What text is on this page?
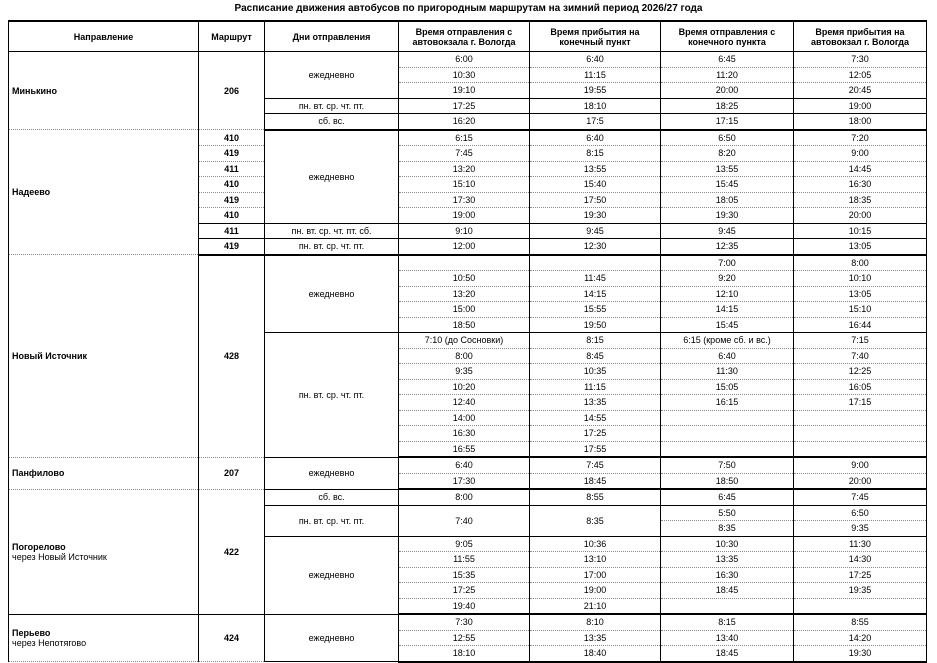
Расписание движения автобусов по пригородным маршрутам на зимний период 2026/27 года
Направление	Маршрут	Дни отправления	Время отправления с автовокзала г. Вологда	Время прибытия на конечный пункт	Время отправления с конечного пункта	Время прибытия на автовокзал г. Вологда
Минькино	206	ежедневно	6:00	6:40	6:45	7:30
			10:30	11:15	11:20	12:05
			19:10	19:55	20:00	20:45
		пн. вт. ср. чт. пт.	17:25	18:10	18:25	19:00
		сб. вс.	16:20	17:5	17:15	18:00
Надеево	410	ежедневно	6:15	6:40	6:50	7:20
	419		7:45	8:15	8:20	9:00
	411		13:20	13:55	13:55	14:45
	410		15:10	15:40	15:45	16:30
	419		17:30	17:50	18:05	18:35
	410		19:00	19:30	19:30	20:00
	411	пн. вт. ср. чт. пт. сб.	9:10	9:45	9:45	10:15
	419	пн. вт. ср. чт. пт.	12:00	12:30	12:35	13:05
Новый Источник	428	ежедневно			7:00	8:00
			10:50	11:45	9:20	10:10
			13:20	14:15	12:10	13:05
			15:00	15:55	14:15	15:10
			18:50	19:50	15:45	16:44
		пн. вт. ср. чт. пт.	7:10 (до Сосновки)	8:15	6:15 (кроме сб. и вс.)	7:15
			8:00	8:45	6:40	7:40
			9:35	10:35	11:30	12:25
			10:20	11:15	15:05	16:05
			12:40	13:35	16:15	17:15
			14:00	14:55		
			16:30	17:25		
			16:55	17:55		
Панфилово	207	ежедневно	6:40	7:45	7:50	9:00
			17:30	18:45	18:50	20:00
Погорелово
через Новый Источник	422	сб. вс.	8:00	8:55	6:45	7:45
		пн. вт. ср. чт. пт.	7:40	8:35	5:50	6:50
					8:35	9:35
		ежедневно	9:05	10:36	10:30	11:30
			11:55	13:10	13:35	14:30
			15:35	17:00	16:30	17:25
			17:25	19:00	18:45	19:35
			19:40	21:10		
Перьево
через Непотягово	424	ежедневно	7:30	8:10	8:15	8:55
			12:55	13:35	13:40	14:20
			18:10	18:40	18:45	19:30
